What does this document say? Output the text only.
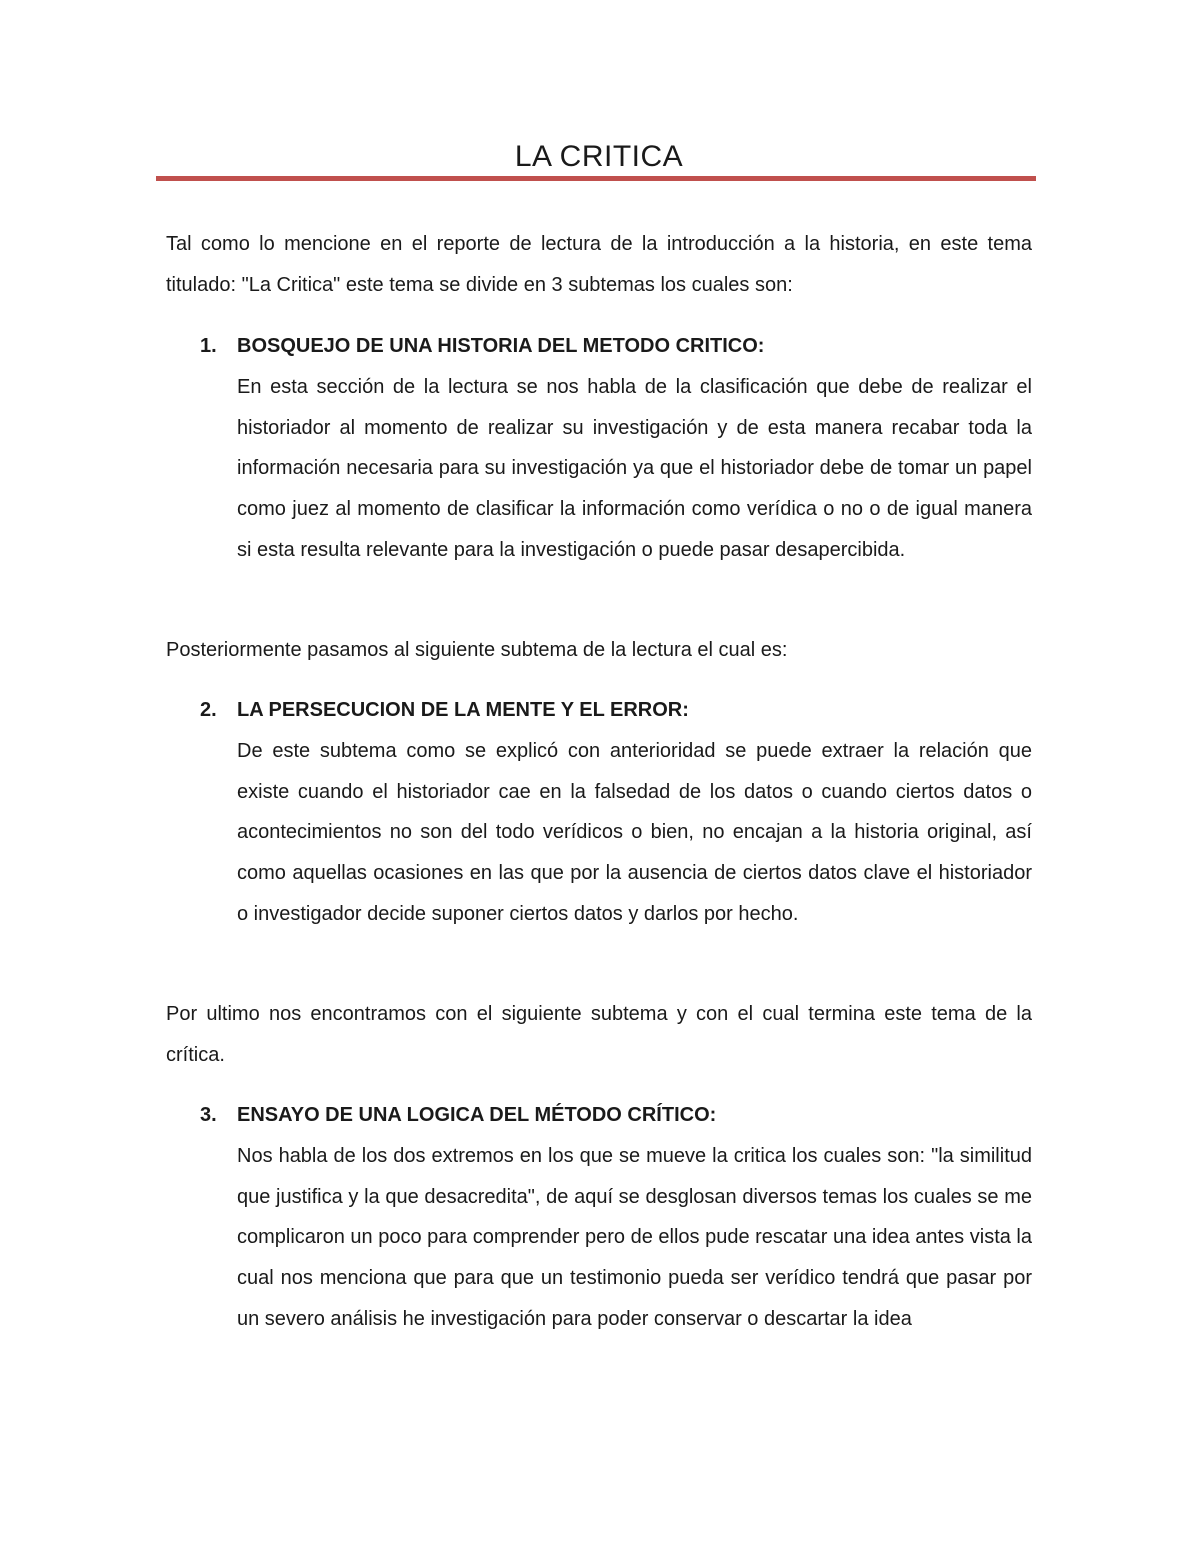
LA CRITICA
Tal como lo mencione en el reporte de lectura de la introducción a la historia, en este tema titulado: "La Critica" este tema se divide en 3 subtemas los cuales son:
1. BOSQUEJO DE UNA HISTORIA DEL METODO CRITICO:
En esta sección de la lectura se nos habla de la clasificación que debe de realizar el historiador al momento de realizar su investigación y de esta manera recabar toda la información necesaria para su investigación ya que el historiador debe de tomar un papel como juez al momento de clasificar la información como verídica o no o de igual manera si esta resulta relevante para la investigación o puede pasar desapercibida.
Posteriormente pasamos al siguiente subtema de la lectura el cual es:
2. LA PERSECUCION DE LA MENTE Y EL ERROR:
De este subtema como se explicó con anterioridad se puede extraer la relación que existe cuando el historiador cae en la falsedad de los datos o cuando ciertos datos o acontecimientos no son del todo verídicos o bien, no encajan a la historia original, así como aquellas ocasiones en las que por la ausencia de ciertos datos clave el historiador o investigador decide suponer ciertos datos y darlos por hecho.
Por ultimo nos encontramos con el siguiente subtema y con el cual termina este tema de la crítica.
3. ENSAYO DE UNA LOGICA DEL MÉTODO CRÍTICO:
Nos habla de los dos extremos en los que se mueve la critica los cuales son: "la similitud que justifica y la que desacredita", de aquí se desglosan diversos temas los cuales se me complicaron un poco para comprender pero de ellos pude rescatar una idea antes vista la cual nos menciona que para que un testimonio pueda ser verídico tendrá que pasar por un severo análisis he investigación para poder conservar o descartar la idea
